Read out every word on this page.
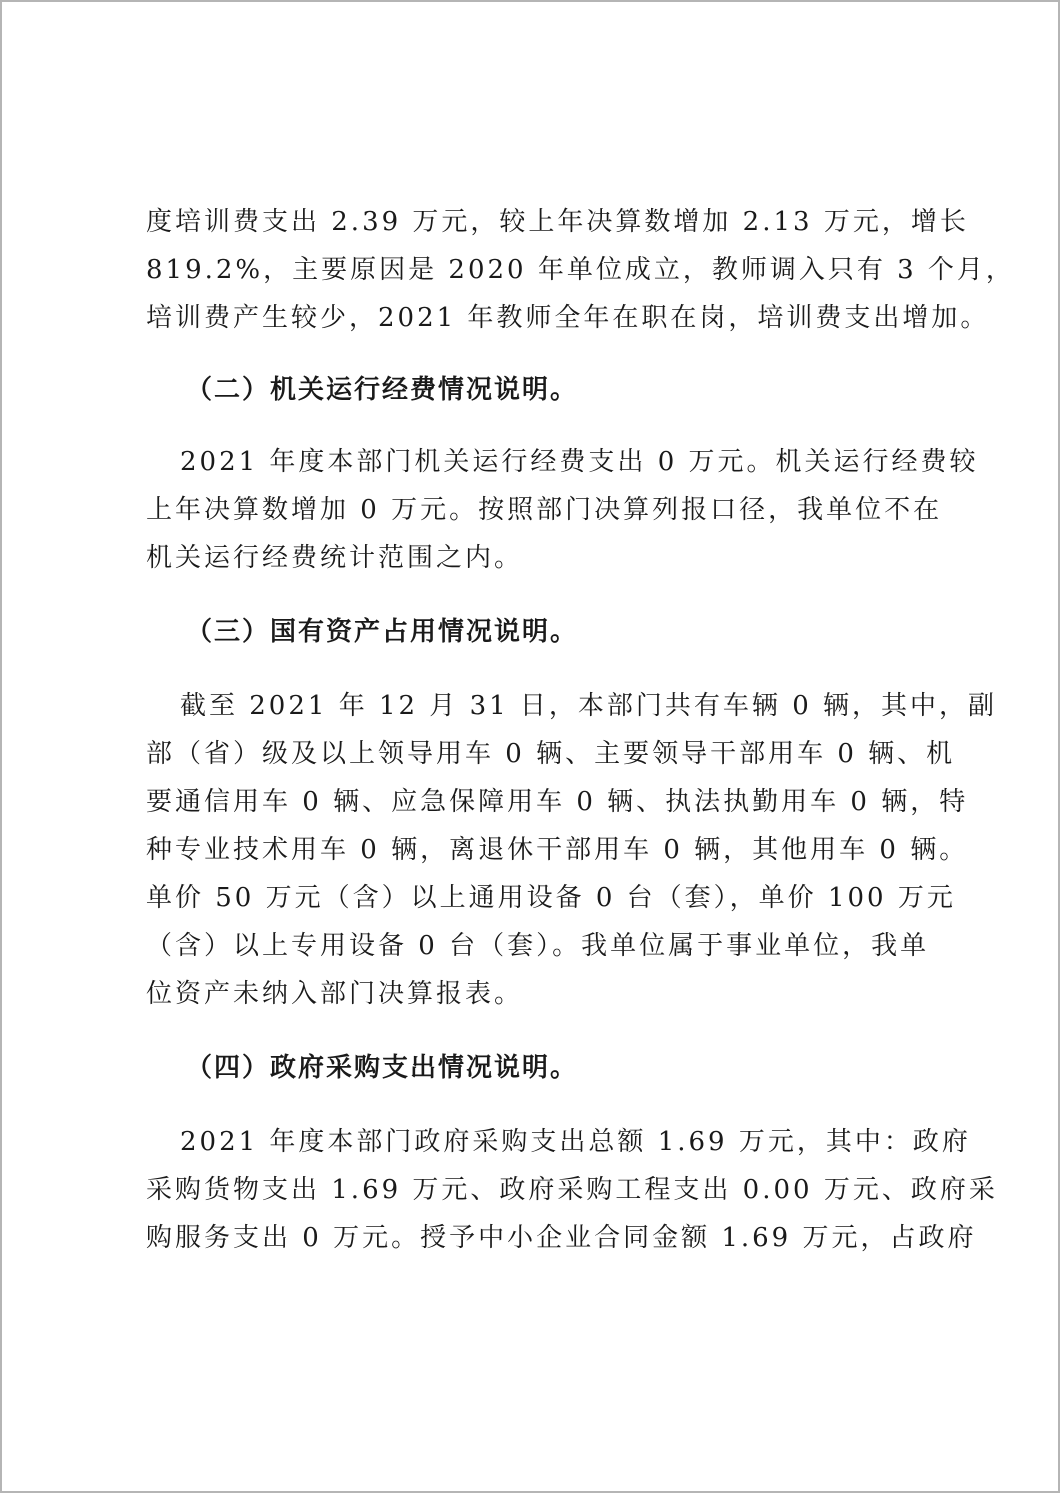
度培训费支出 2.39 万元，较上年决算数增加 2.13 万元，增长
819.2%，主要原因是 2020 年单位成立，教师调入只有 3 个月，
培训费产生较少，2021 年教师全年在职在岗，培训费支出增加。
（二）机关运行经费情况说明。
2021 年度本部门机关运行经费支出 0 万元。机关运行经费较
上年决算数增加 0 万元。按照部门决算列报口径，我单位不在
机关运行经费统计范围之内。
（三）国有资产占用情况说明。
截至 2021 年 12 月 31 日，本部门共有车辆 0 辆，其中，副
部（省）级及以上领导用车 0 辆、主要领导干部用车 0 辆、机
要通信用车 0 辆、应急保障用车 0 辆、执法执勤用车 0 辆，特
种专业技术用车 0 辆，离退休干部用车 0 辆，其他用车 0 辆。
单价 50 万元（含）以上通用设备 0 台（套），单价 100 万元
（含）以上专用设备 0 台（套）。我单位属于事业单位，我单
位资产未纳入部门决算报表。
（四）政府采购支出情况说明。
2021 年度本部门政府采购支出总额 1.69 万元，其中：政府
采购货物支出 1.69 万元、政府采购工程支出 0.00 万元、政府采
购服务支出 0 万元。授予中小企业合同金额 1.69 万元，占政府
